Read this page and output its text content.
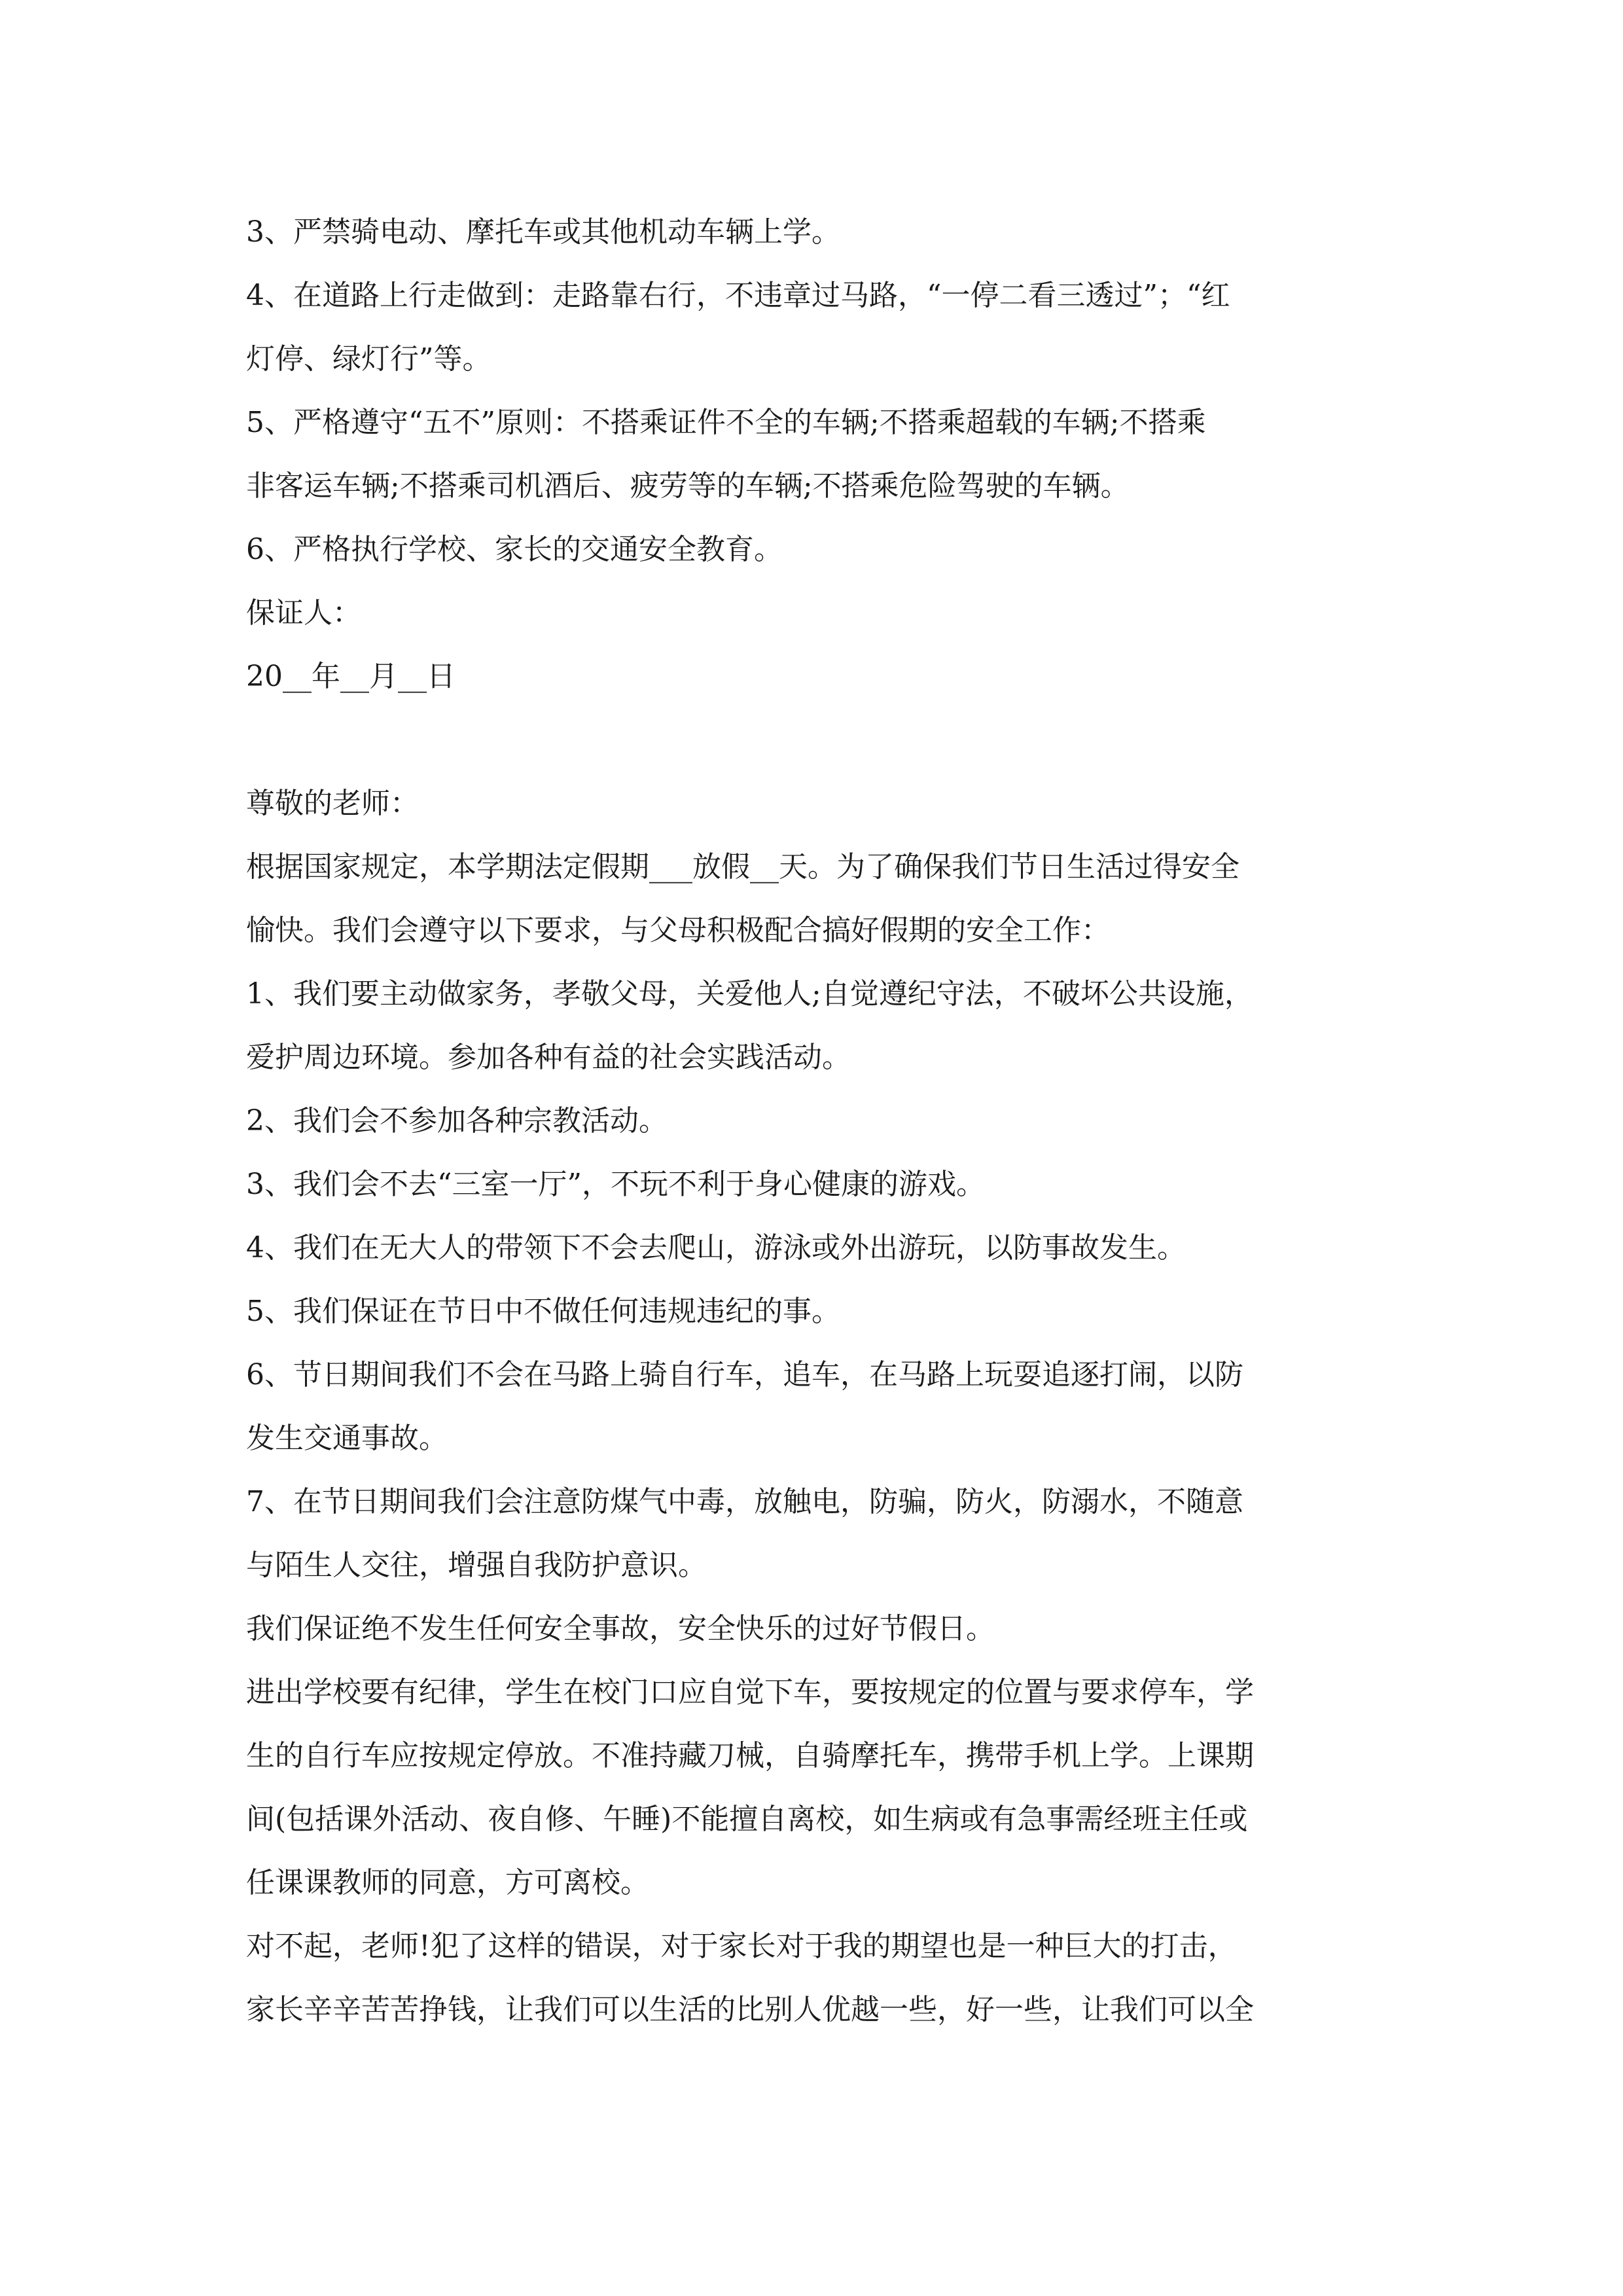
3、严禁骑电动、摩托车或其他机动车辆上学。
4、在道路上行走做到：走路靠右行，不违章过马路，“一停二看三透过”；“红
灯停、绿灯行”等。
5、严格遵守“五不”原则：不搭乘证件不全的车辆;不搭乘超载的车辆;不搭乘
非客运车辆;不搭乘司机酒后、疲劳等的车辆;不搭乘危险驾驶的车辆。
6、严格执行学校、家长的交通安全教育。
保证人：
20__年__月__日
尊敬的老师：
根据国家规定，本学期法定假期___放假__天。为了确保我们节日生活过得安全
愉快。我们会遵守以下要求，与父母积极配合搞好假期的安全工作：
1、我们要主动做家务，孝敬父母，关爱他人;自觉遵纪守法，不破坏公共设施，
爱护周边环境。参加各种有益的社会实践活动。
2、我们会不参加各种宗教活动。
3、我们会不去“三室一厅”，不玩不利于身心健康的游戏。
4、我们在无大人的带领下不会去爬山，游泳或外出游玩，以防事故发生。
5、我们保证在节日中不做任何违规违纪的事。
6、节日期间我们不会在马路上骑自行车，追车，在马路上玩耍追逐打闹，以防
发生交通事故。
7、在节日期间我们会注意防煤气中毒，放触电，防骗，防火，防溺水，不随意
与陌生人交往，增强自我防护意识。
我们保证绝不发生任何安全事故，安全快乐的过好节假日。
进出学校要有纪律，学生在校门口应自觉下车，要按规定的位置与要求停车，学
生的自行车应按规定停放。不准持藏刀械，自骑摩托车，携带手机上学。上课期
间(包括课外活动、夜自修、午睡)不能擅自离校，如生病或有急事需经班主任或
任课课教师的同意，方可离校。
对不起，老师!犯了这样的错误，对于家长对于我的期望也是一种巨大的打击，
家长辛辛苦苦挣钱，让我们可以生活的比别人优越一些，好一些，让我们可以全
